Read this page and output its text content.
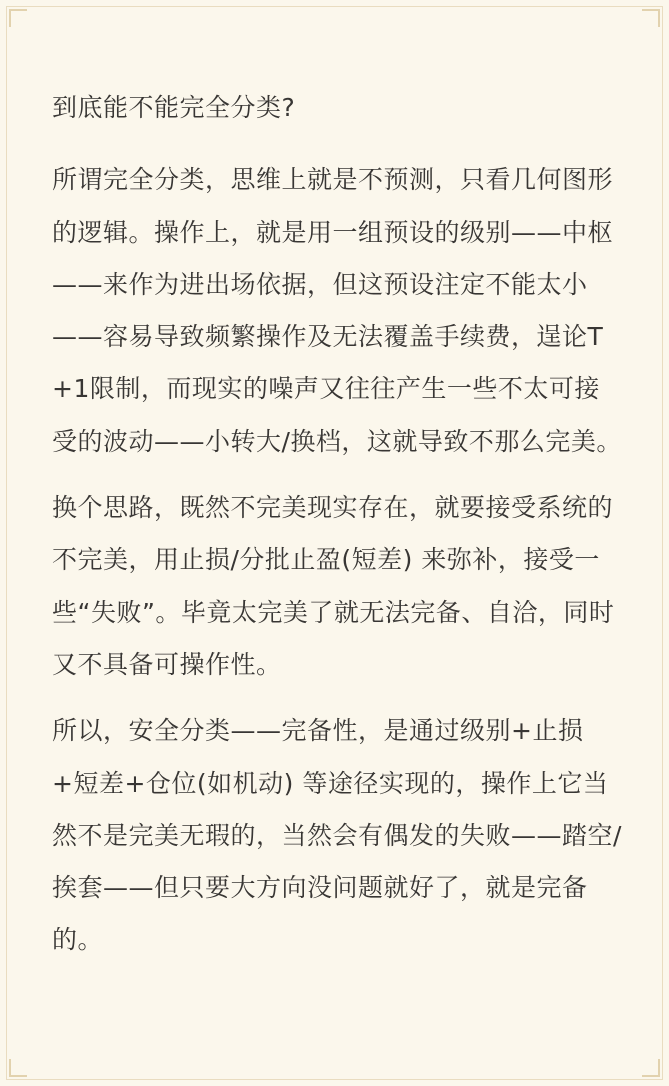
到底能不能完全分类?

所谓完全分类，思维上就是不预测，只看几何图形的逻辑。操作上，就是用一组预设的级别——中枢——来作为进出场依据，但这预设注定不能太小——容易导致频繁操作及无法覆盖手续费，逞论T+1限制，而现实的噪声又往往产生一些不太可接受的波动——小转大/换档，这就导致不那么完美。

换个思路，既然不完美现实存在，就要接受系统的不完美，用止损/分批止盈(短差) 来弥补，接受一些“失败”。毕竟太完美了就无法完备、自洽，同时又不具备可操作性。

所以，安全分类——完备性，是通过级别+止损+短差+仓位(如机动) 等途径实现的，操作上它当然不是完美无瑕的，当然会有偶发的失败——踏空/挨套——但只要大方向没问题就好了，就是完备的。
